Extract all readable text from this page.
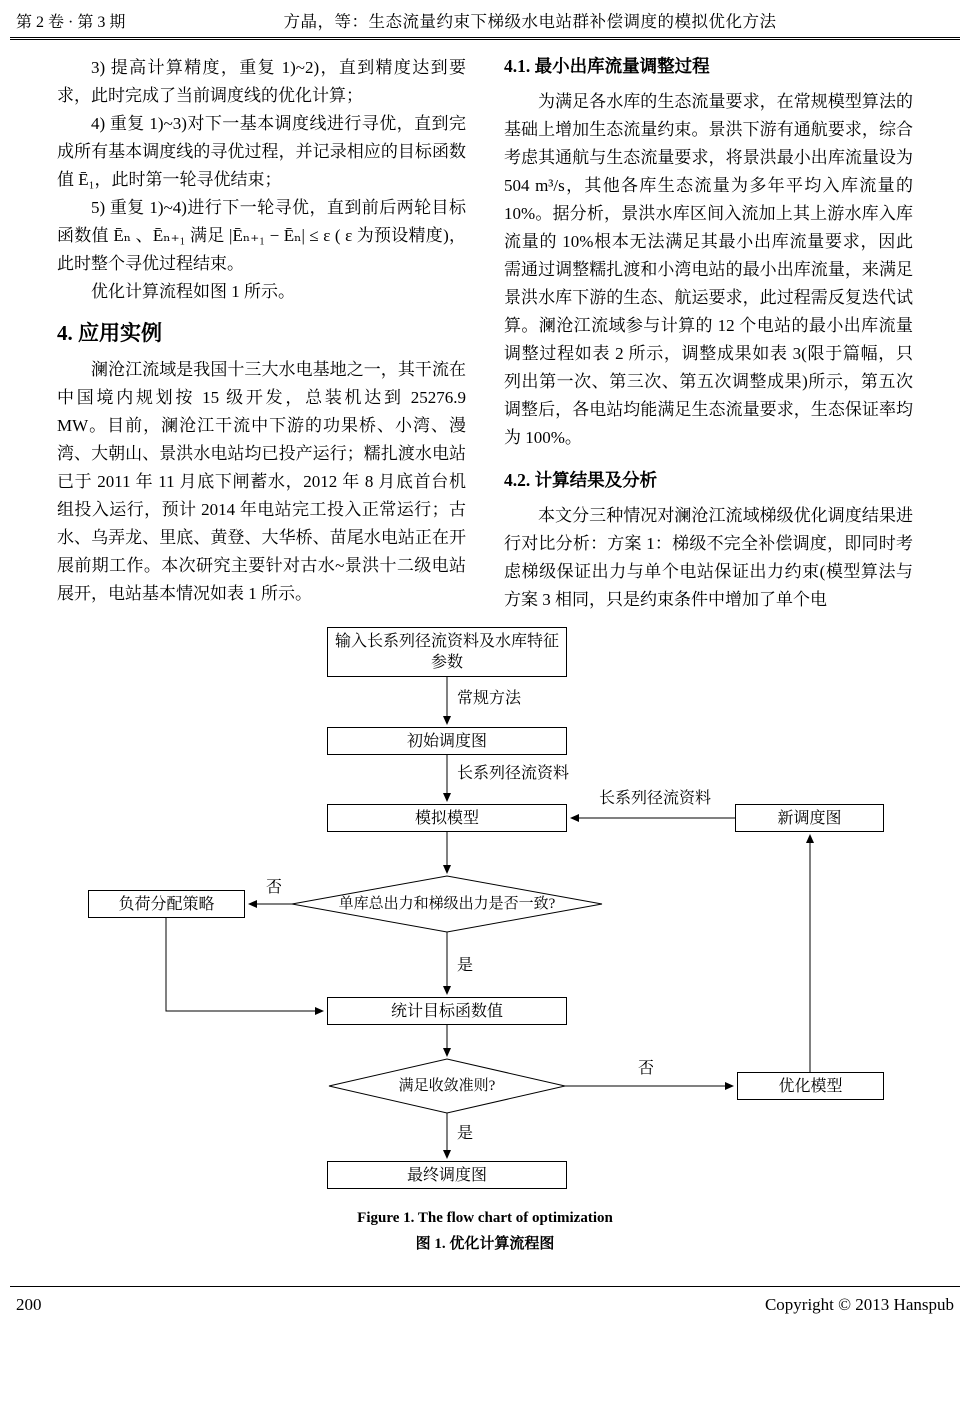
第 2 卷 · 第 3 期	方晶，等：生态流量约束下梯级水电站群补偿调度的模拟优化方法

3) 提高计算精度，重复 1)~2)，直到精度达到要求，此时完成了当前调度线的优化计算；

4) 重复 1)~3)对下一基本调度线进行寻优，直到完成所有基本调度线的寻优过程，并记录相应的目标函数值 Ē₁，此时第一轮寻优结束；

5) 重复 1)~4)进行下一轮寻优，直到前后两轮目标函数值 Ēₙ 、Ēₙ₊₁ 满足 |Ēₙ₊₁ − Ēₙ| ≤ ε ( ε 为预设精度)，此时整个寻优过程结束。

优化计算流程如图 1 所示。

4. 应用实例

澜沧江流域是我国十三大水电基地之一，其干流在中国境内规划按 15 级开发，总装机达到 25276.9 MW。目前，澜沧江干流中下游的功果桥、小湾、漫湾、大朝山、景洪水电站均已投产运行；糯扎渡水电站已于 2011 年 11 月底下闸蓄水，2012 年 8 月底首台机组投入运行，预计 2014 年电站完工投入正常运行；古水、乌弄龙、里底、黄登、大华桥、苗尾水电站正在开展前期工作。本次研究主要针对古水~景洪十二级电站展开，电站基本情况如表 1 所示。

4.1. 最小出库流量调整过程

为满足各水库的生态流量要求，在常规模型算法的基础上增加生态流量约束。景洪下游有通航要求，综合考虑其通航与生态流量要求，将景洪最小出库流量设为 504 m³/s，其他各库生态流量为多年平均入库流量的 10%。据分析，景洪水库区间入流加上其上游水库入库流量的 10%根本无法满足其最小出库流量要求，因此需通过调整糯扎渡和小湾电站的最小出库流量，来满足景洪水库下游的生态、航运要求，此过程需反复迭代试算。澜沧江流域参与计算的 12 个电站的最小出库流量调整过程如表 2 所示，调整成果如表 3(限于篇幅，只列出第一次、第三次、第五次调整成果)所示，第五次调整后，各电站均能满足生态流量要求，生态保证率均为 100%。

4.2. 计算结果及分析

本文分三种情况对澜沧江流域梯级优化调度结果进行对比分析：方案 1：梯级不完全补偿调度，即同时考虑梯级保证出力与单个电站保证出力约束(模型算法与方案 3 相同，只是约束条件中增加了单个电

输入长系列径流资料及水库特征参数
常规方法
初始调度图
长系列径流资料
模拟模型
长系列径流资料
新调度图
单库总出力和梯级出力是否一致?
否
负荷分配策略
是
统计目标函数值
满足收敛准则?
否
优化模型
是
最终调度图
Figure 1. The flow chart of optimization
图 1. 优化计算流程图
200	Copyright © 2013 Hanspub
